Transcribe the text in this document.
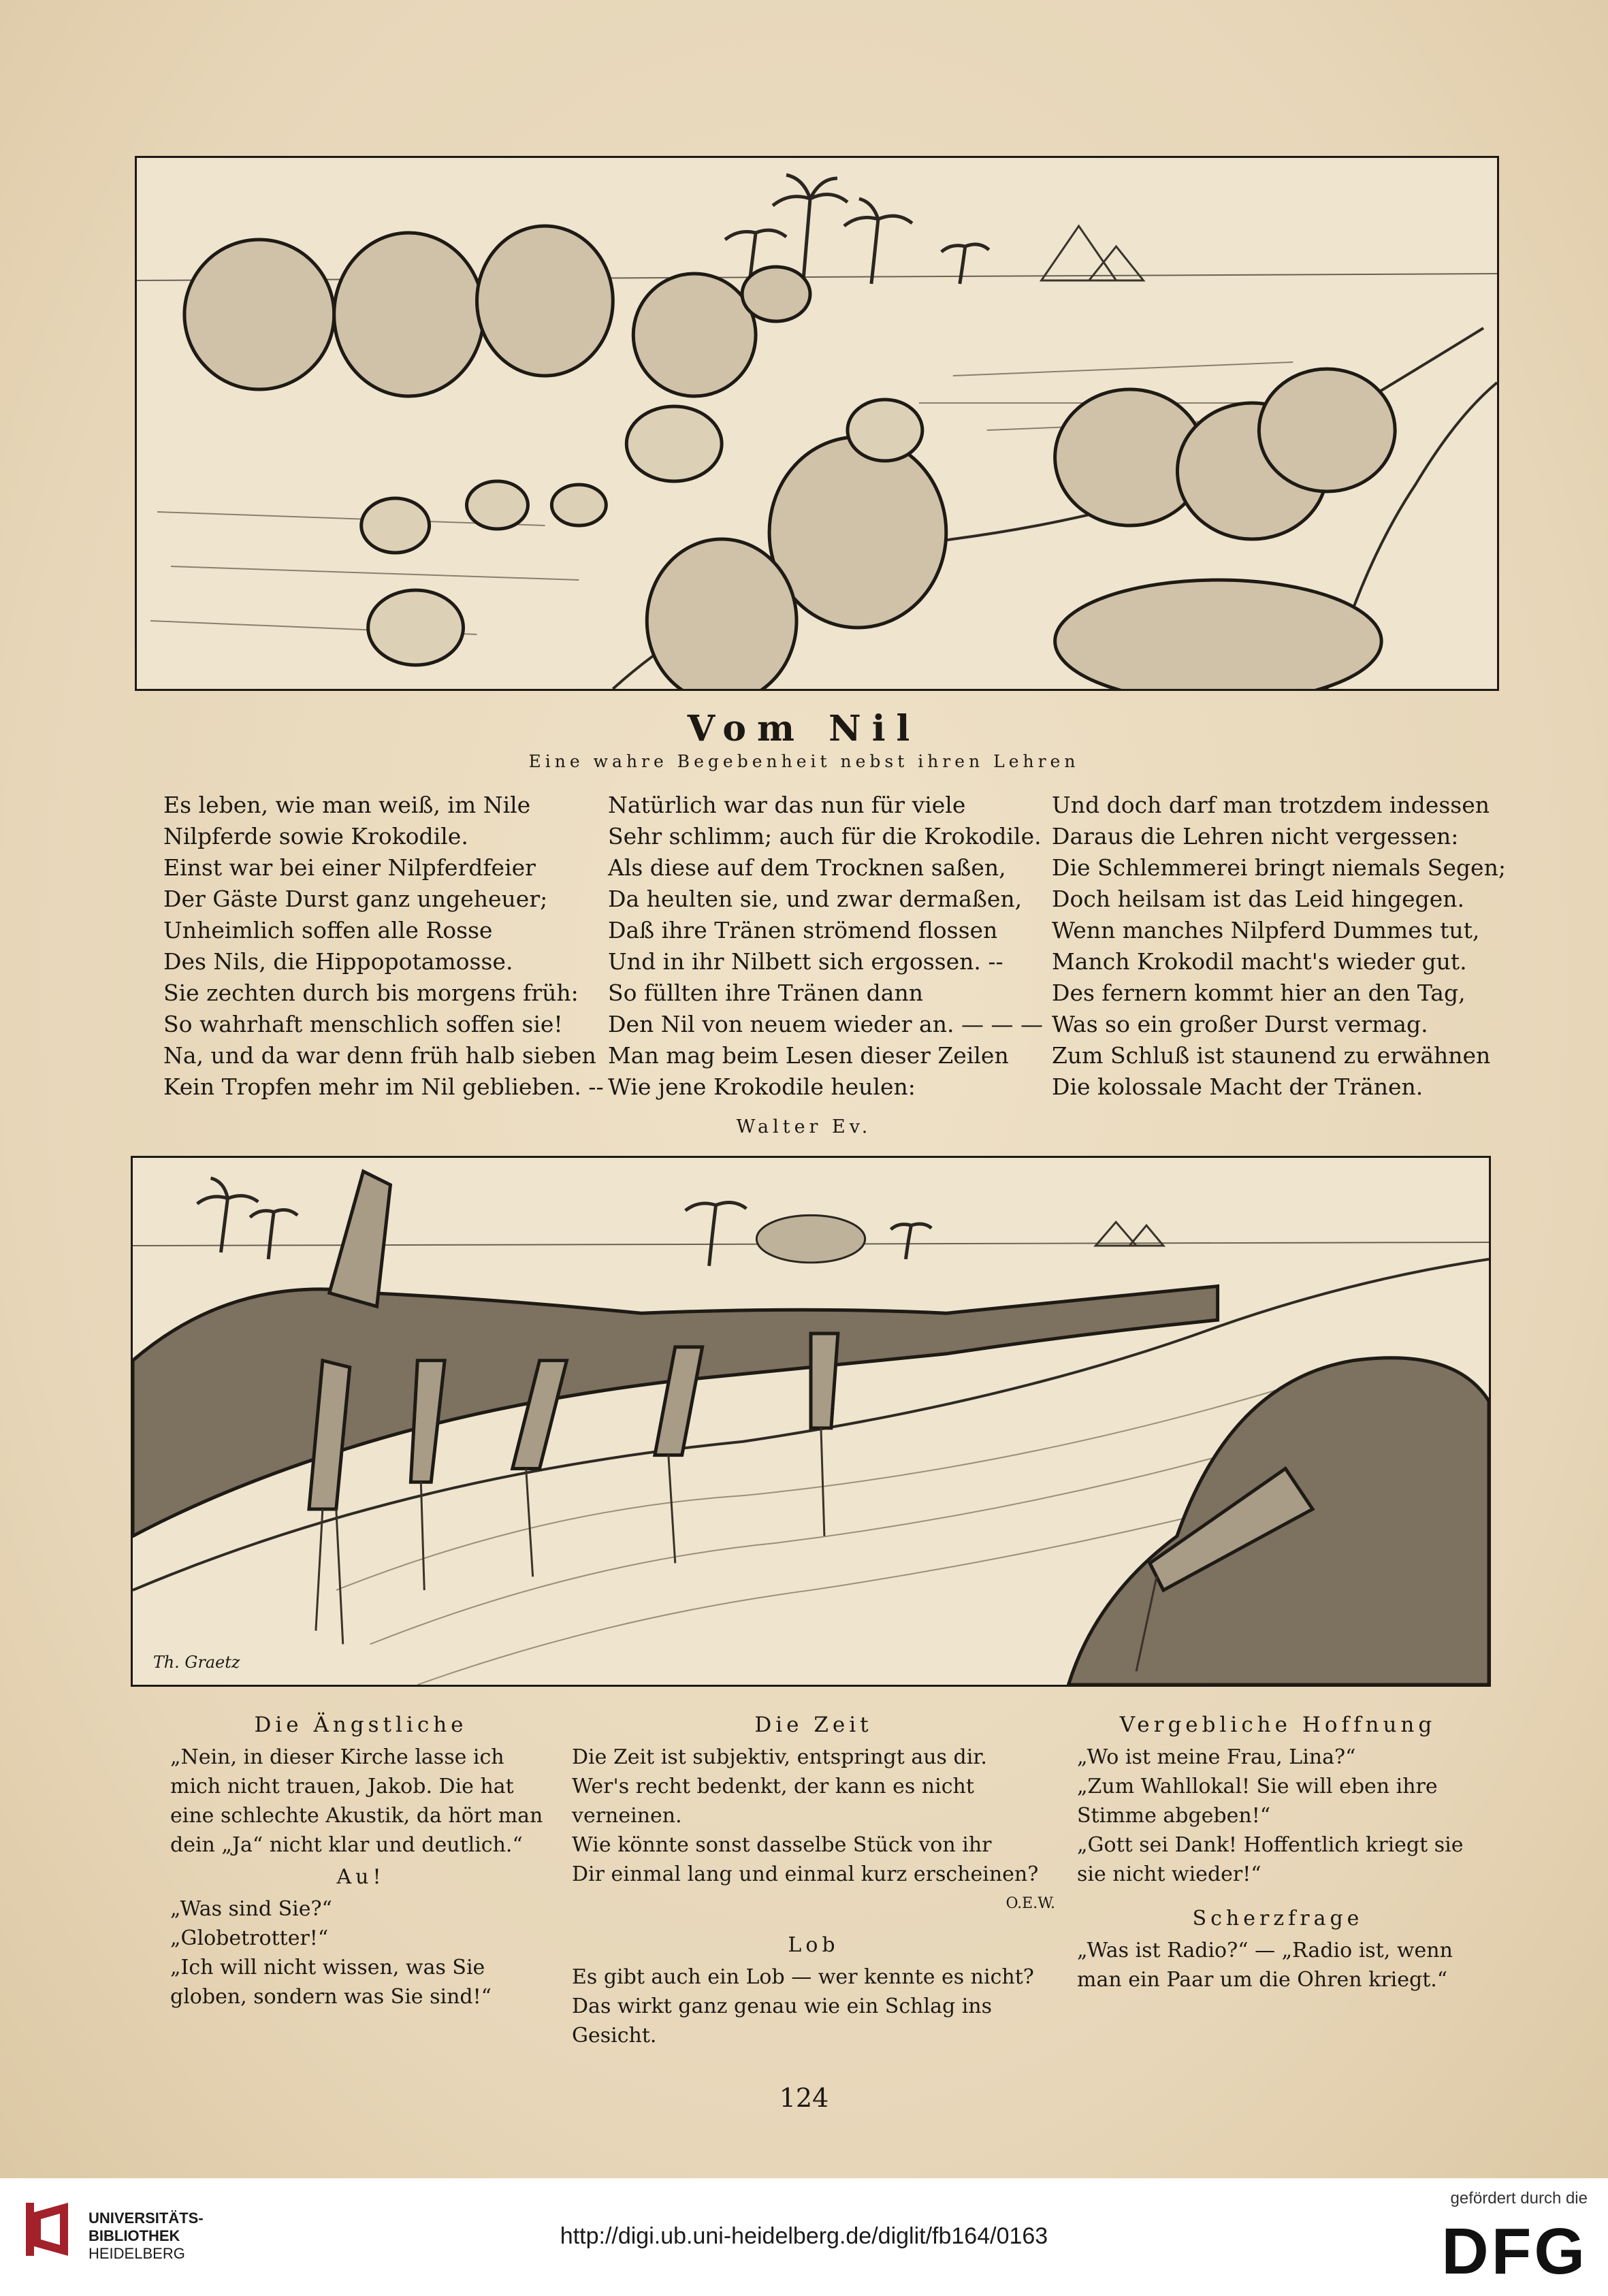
Vom Nil
Eine wahre Begebenheit nebst ihren Lehren
Es leben, wie man weiß, im Nile
Nilpferde sowie Krokodile.
Einst war bei einer Nilpferdfeier
Der Gäste Durst ganz ungeheuer;
Unheimlich soffen alle Rosse
Des Nils, die Hippopotamosse.
Sie zechten durch bis morgens früh:
So wahrhaft menschlich soffen sie!
Na, und da war denn früh halb sieben
Kein Tropfen mehr im Nil geblieben. --
Natürlich war das nun für viele
Sehr schlimm; auch für die Krokodile.
Als diese auf dem Trocknen saßen,
Da heulten sie, und zwar dermaßen,
Daß ihre Tränen strömend flossen
Und in ihr Nilbett sich ergossen. --
So füllten ihre Tränen dann
Den Nil von neuem wieder an. — — —
Man mag beim Lesen dieser Zeilen
Wie jene Krokodile heulen:
Und doch darf man trotzdem indessen
Daraus die Lehren nicht vergessen:
Die Schlemmerei bringt niemals Segen;
Doch heilsam ist das Leid hingegen.
Wenn manches Nilpferd Dummes tut,
Manch Krokodil macht's wieder gut.
Des fernern kommt hier an den Tag,
Was so ein großer Durst vermag.
Zum Schluß ist staunend zu erwähnen
Die kolossale Macht der Tränen.
Walter Ev.
Th. Graetz
Die Ängstliche

„Nein, in dieser Kirche lasse ich mich nicht trauen, Jakob. Die hat eine schlechte Akustik, da hört man dein „Ja“ nicht klar und deutlich.“

Au!

„Was sind Sie?“

„Globetrotter!“

„Ich will nicht wissen, was Sie globen, sondern was Sie sind!“

Die Zeit

Die Zeit ist subjektiv, entspringt aus dir.

Wer's recht bedenkt, der kann es nicht verneinen.

Wie könnte sonst dasselbe Stück von ihr

Dir einmal lang und einmal kurz erscheinen?

O.E.W.

Lob

Es gibt auch ein Lob — wer kennte es nicht?

Das wirkt ganz genau wie ein Schlag ins Gesicht.

Vergebliche Hoffnung

„Wo ist meine Frau, Lina?“

„Zum Wahllokal! Sie will eben ihre Stimme abgeben!“

„Gott sei Dank! Hoffentlich kriegt sie sie nicht wieder!“

Scherzfrage

„Was ist Radio?“ — „Radio ist, wenn man ein Paar um die Ohren kriegt.“

124
UNIVERSITÄTS-
BIBLIOTHEK
HEIDELBERG
http://digi.ub.uni-heidelberg.de/diglit/fb164/0163
gefördert durch die
DFG
